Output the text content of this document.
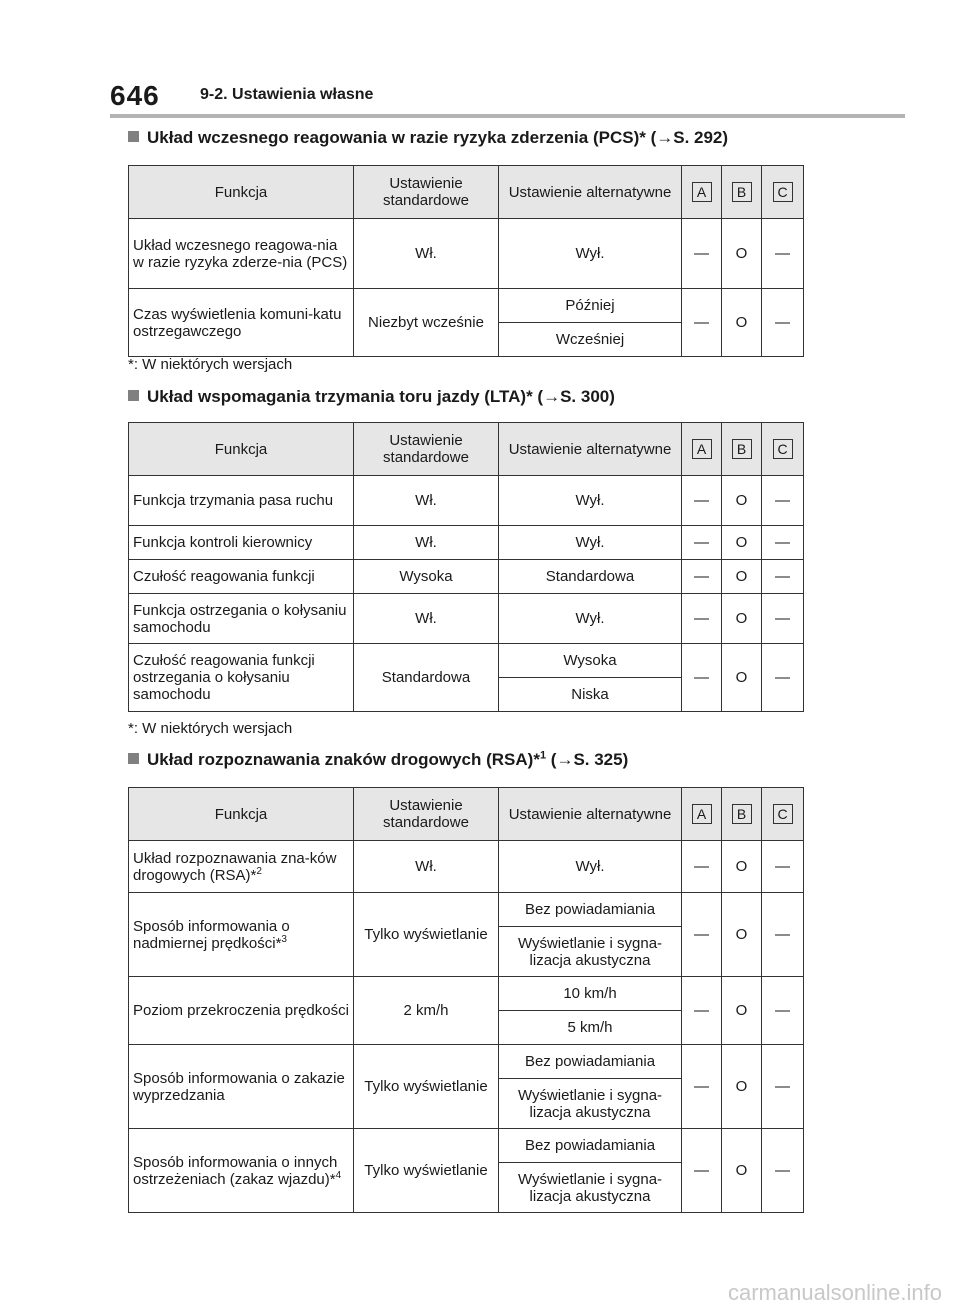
646	9-2. Ustawienia własne
Układ wczesnego reagowania w razie ryzyka zderzenia (PCS)* (→S. 292)
Funkcja	Ustawienie standardowe	Ustawienie alternatywne	A	B	C
Układ wczesnego reagowa-nia w razie ryzyka zderze-nia (PCS)	Wł.	Wył.	—	O	—
Czas wyświetlenia komuni-katu ostrzegawczego	Niezbyt wcześnie	Później	—	O	—
		Wcześniej			
*: W niektórych wersjach
Układ wspomagania trzymania toru jazdy (LTA)* (→S. 300)
Funkcja	Ustawienie standardowe	Ustawienie alternatywne	A	B	C
Funkcja trzymania pasa ruchu	Wł.	Wył.	—	O	—
Funkcja kontroli kierownicy	Wł.	Wył.	—	O	—
Czułość reagowania funkcji	Wysoka	Standardowa	—	O	—
Funkcja ostrzegania o kołysaniu samochodu	Wł.	Wył.	—	O	—
Czułość reagowania funkcji ostrzegania o kołysaniu samochodu	Standardowa	Wysoka	—	O	—
		Niska			
*: W niektórych wersjach
Układ rozpoznawania znaków drogowych (RSA)*$^1$ (→S. 325)
Funkcja	Ustawienie standardowe	Ustawienie alternatywne	A	B	C
Układ rozpoznawania zna-ków drogowych (RSA)*$^2$	Wł.	Wył.	—	O	—
Sposób informowania o nadmiernej prędkości*$^3$	Tylko wyświetlanie	Bez powiadamiania	—	O	—
		Wyświetlanie i sygna-lizacja akustyczna			
Poziom przekroczenia prędkości	2 km/h	10 km/h	—	O	—
		5 km/h			
Sposób informowania o zakazie wyprzedzania	Tylko wyświetlanie	Bez powiadamiania	—	O	—
		Wyświetlanie i sygna-lizacja akustyczna			
Sposób informowania o innych ostrzeżeniach (zakaz wjazdu)*$^4$	Tylko wyświetlanie	Bez powiadamiania	—	O	—
		Wyświetlanie i sygna-lizacja akustyczna			
carmanualsonline.info
